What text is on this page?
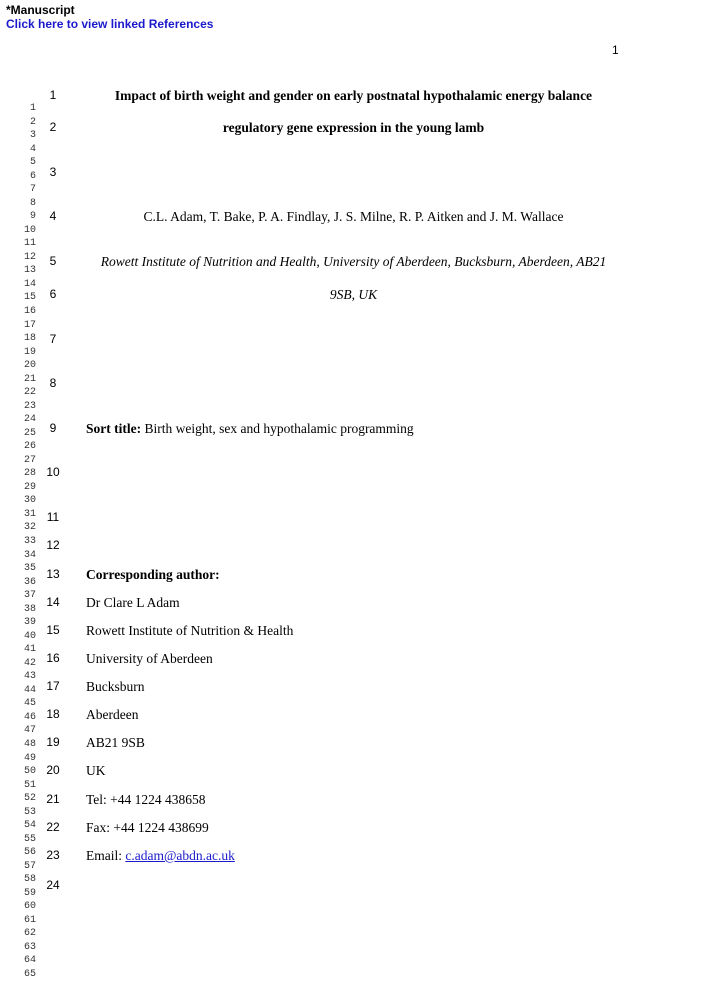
*Manuscript
Click here to view linked References
1
1
2
3
4
5
6
7
8
9
10
11
12
13
14
15
16
17
18
19
20
21
22
23
24
25
26
27
28
29
30
31
32
33
34
35
36
37
38
39
40
41
42
43
44
45
46
47
48
49
50
51
52
53
54
55
56
57
58
59
60
61
62
63
64
65
1
2
3
4
5
6
7
8
9
10
11
12
13
14
15
16
17
18
19
20
21
22
23
24
Impact of birth weight and gender on early postnatal hypothalamic energy balance
regulatory gene expression in the young lamb
C.L. Adam, T. Bake, P. A. Findlay, J. S. Milne, R. P. Aitken and J. M. Wallace
Rowett Institute of Nutrition and Health, University of Aberdeen, Bucksburn, Aberdeen, AB21
9SB, UK
Sort title: Birth weight, sex and hypothalamic programming
Corresponding author:
Dr Clare L Adam
Rowett Institute of Nutrition & Health
University of Aberdeen
Bucksburn
Aberdeen
AB21 9SB
UK
Tel: +44 1224 438658
Fax: +44 1224 438699
Email: c.adam@abdn.ac.uk
